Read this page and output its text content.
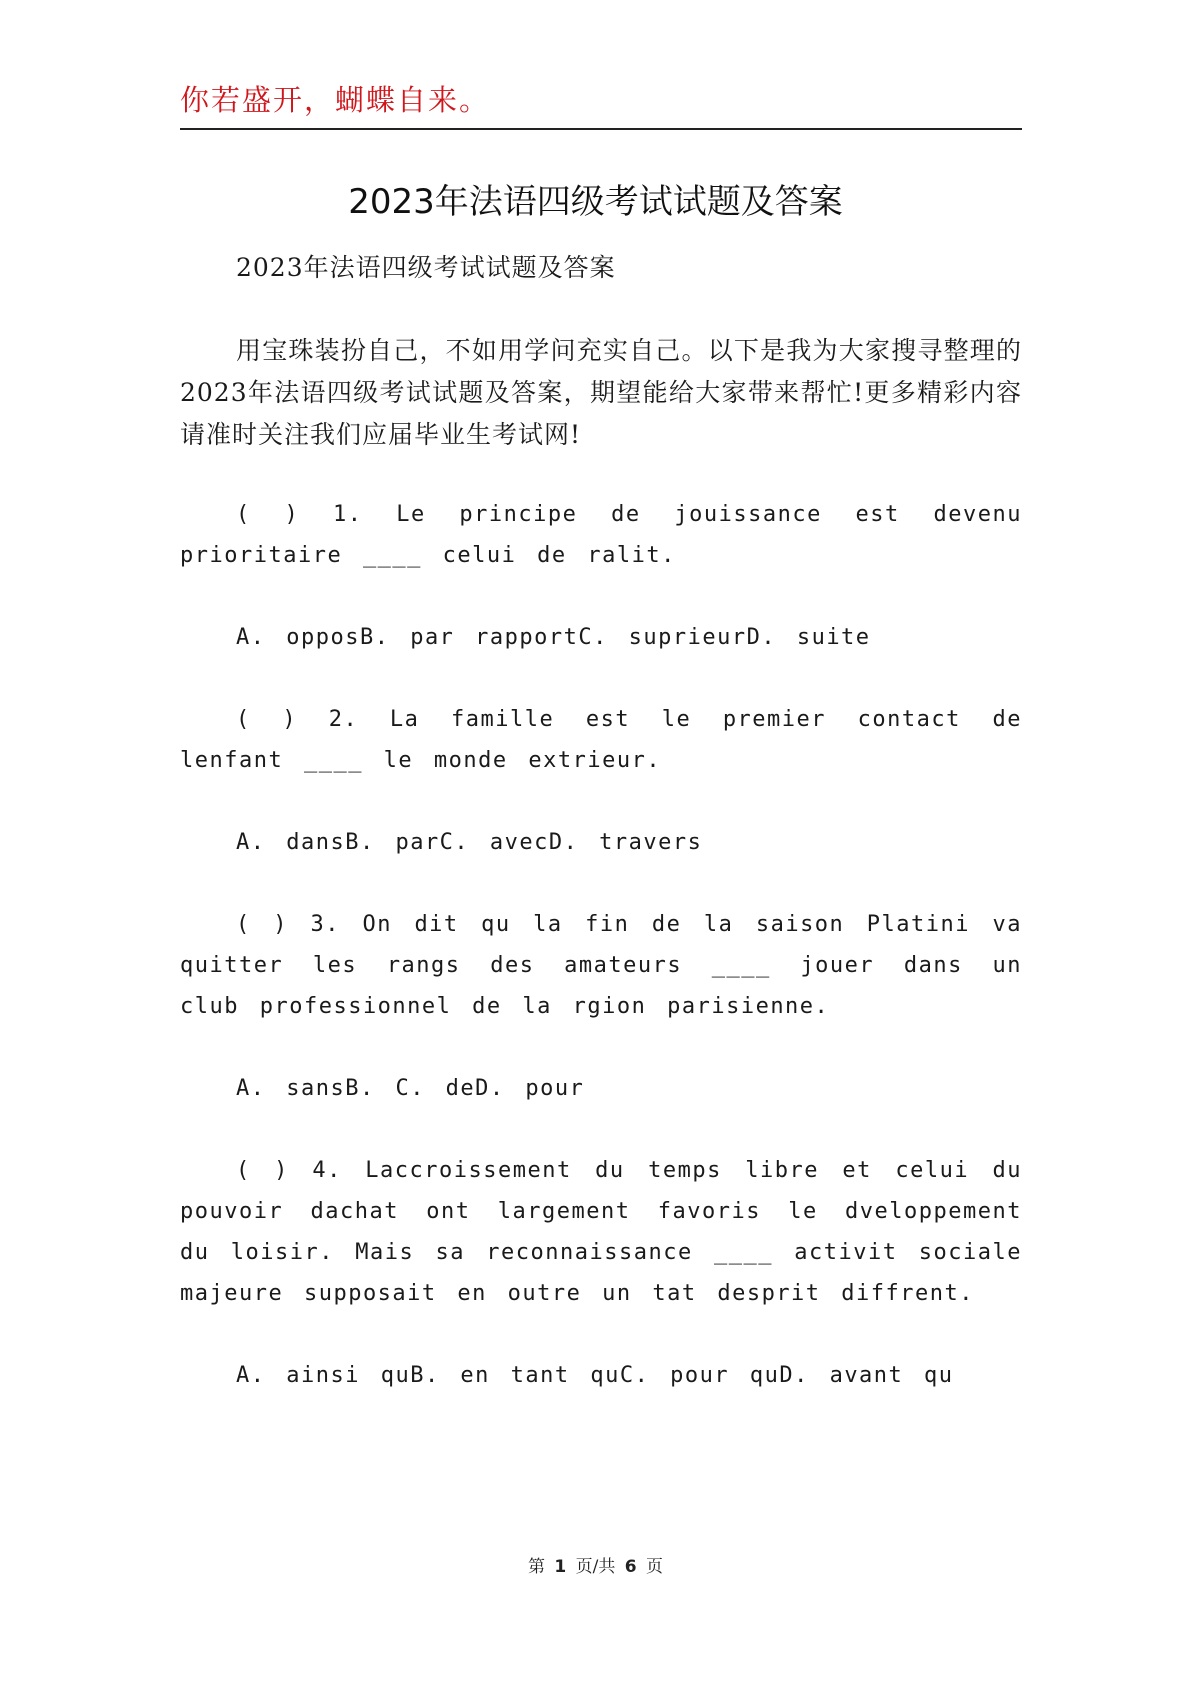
你若盛开，蝴蝶自来。
2023年法语四级考试试题及答案

2023年法语四级考试试题及答案

用宝珠装扮自己，不如用学问充实自己。以下是我为大家搜寻整理的2023年法语四级考试试题及答案，期望能给大家带来帮忙!更多精彩内容请准时关注我们应届毕业生考试网!

( ) 1. Le principe de jouissance est devenu prioritaire ____ celui de ralit.

A. opposB. par rapportC. suprieurD. suite

( ) 2. La famille est le premier contact de lenfant ____ le monde extrieur.

A. dansB. parC. avecD. travers

( ) 3. On dit qu la fin de la saison Platini va quitter les rangs des amateurs ____ jouer dans un club professionnel de la rgion parisienne.

A. sansB. C. deD. pour

( ) 4. Laccroissement du temps libre et celui du pouvoir dachat ont largement favoris le dveloppement du loisir. Mais sa reconnaissance ____ activit sociale majeure supposait en outre un tat desprit diffrent.

A. ainsi quB. en tant quC. pour quD. avant qu

第 1 页/共 6 页
